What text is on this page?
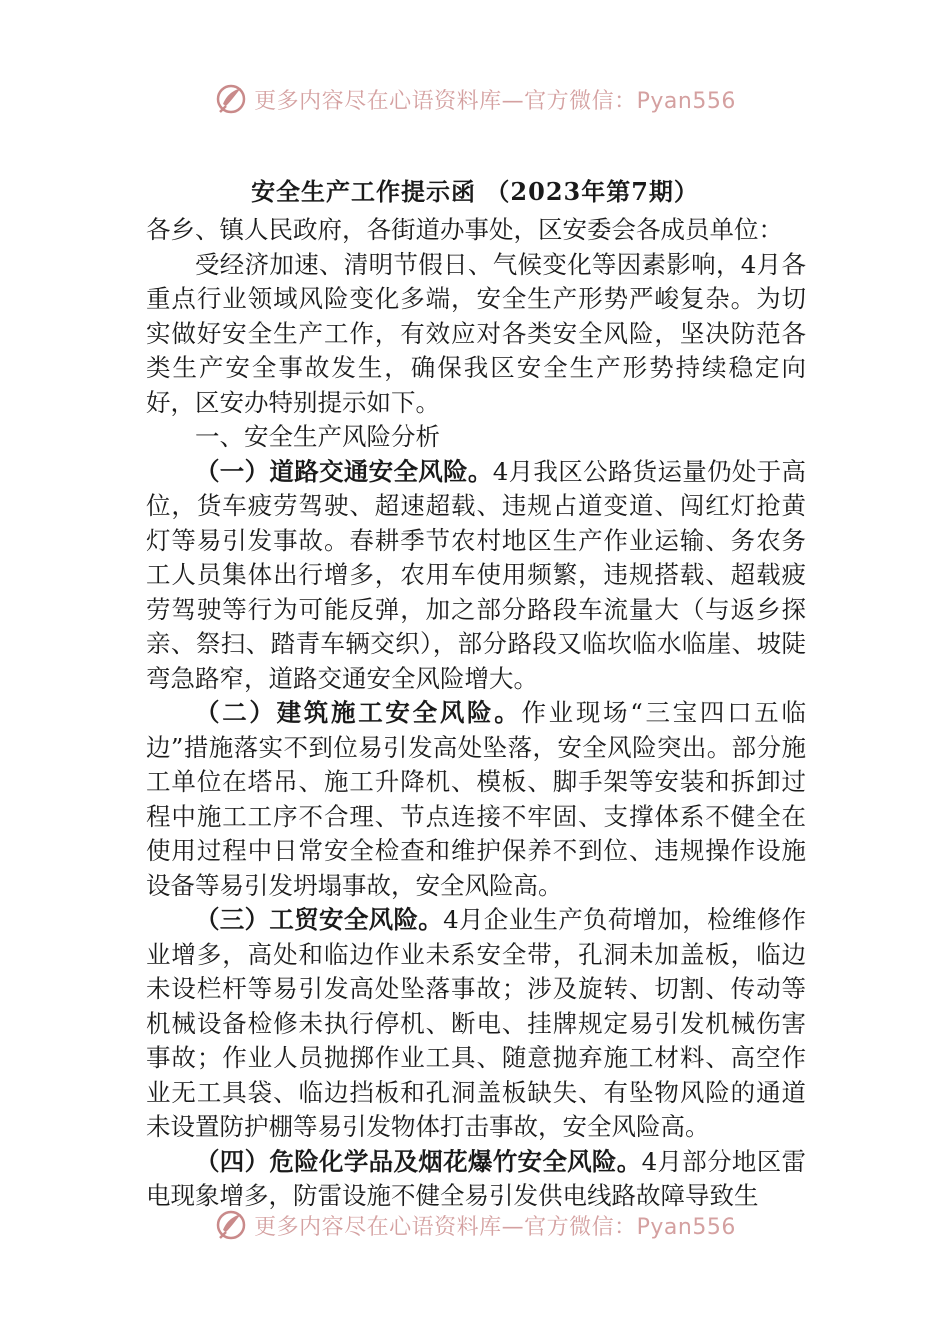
更多内容尽在心语资料库—官方微信：Pyan556
安全生产工作提示函 （2023年第7期）

各乡、镇人民政府，各街道办事处，区安委会各成员单位：

受经济加速、清明节假日、气候变化等因素影响，4月各重点行业领域风险变化多端，安全生产形势严峻复杂。为切实做好安全生产工作，有效应对各类安全风险，坚决防范各类生产安全事故发生，确保我区安全生产形势持续稳定向好，区安办特别提示如下。

一、安全生产风险分析

（一）道路交通安全风险。4月我区公路货运量仍处于高位，货车疲劳驾驶、超速超载、违规占道变道、闯红灯抢黄灯等易引发事故。春耕季节农村地区生产作业运输、务农务工人员集体出行增多，农用车使用频繁，违规搭载、超载疲劳驾驶等行为可能反弹，加之部分路段车流量大（与返乡探亲、祭扫、踏青车辆交织），部分路段又临坎临水临崖、坡陡弯急路窄，道路交通安全风险增大。

（二）建筑施工安全风险。作业现场“三宝四口五临边”措施落实不到位易引发高处坠落，安全风险突出。部分施工单位在塔吊、施工升降机、模板、脚手架等安装和拆卸过程中施工工序不合理、节点连接不牢固、支撑体系不健全在使用过程中日常安全检查和维护保养不到位、违规操作设施设备等易引发坍塌事故，安全风险高。

（三）工贸安全风险。4月企业生产负荷增加，检维修作业增多，高处和临边作业未系安全带，孔洞未加盖板，临边未设栏杆等易引发高处坠落事故；涉及旋转、切割、传动等机械设备检修未执行停机、断电、挂牌规定易引发机械伤害事故；作业人员抛掷作业工具、随意抛弃施工材料、高空作业无工具袋、临边挡板和孔洞盖板缺失、有坠物风险的通道未设置防护棚等易引发物体打击事故，安全风险高。

（四）危险化学品及烟花爆竹安全风险。4月部分地区雷电现象增多，防雷设施不健全易引发供电线路故障导致生

更多内容尽在心语资料库—官方微信：Pyan556
